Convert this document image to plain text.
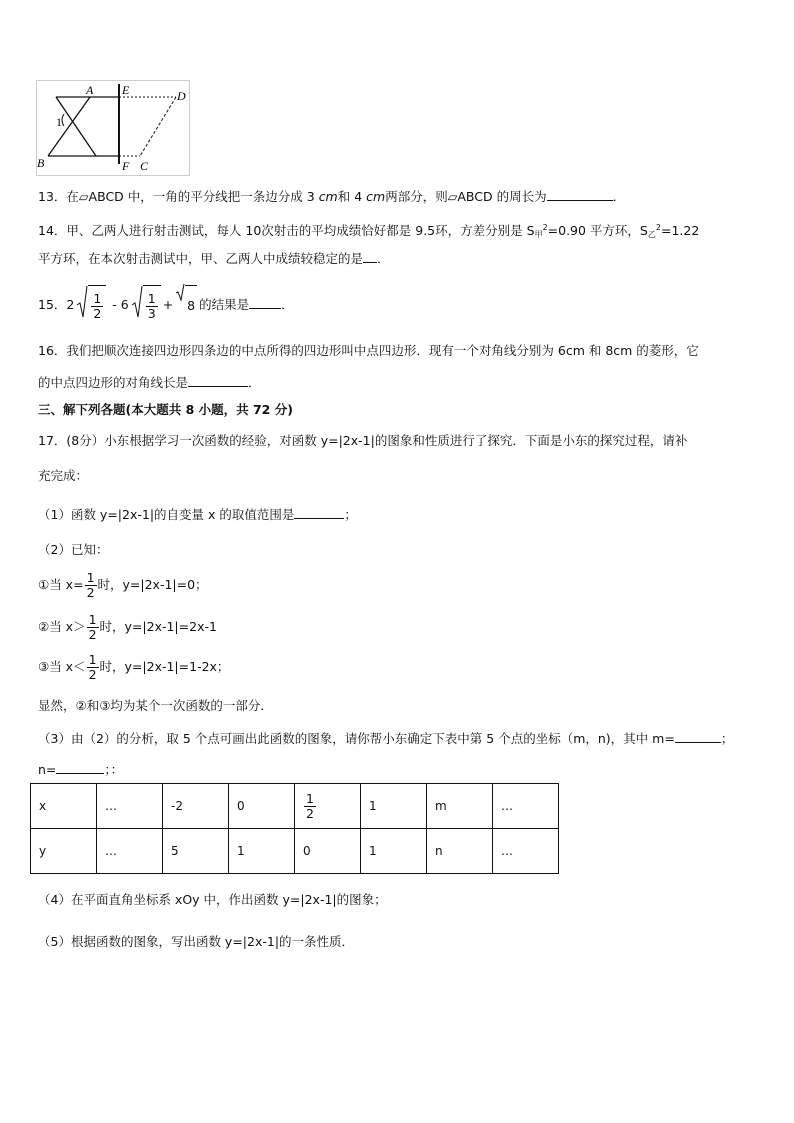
A E	D
B	F C
1
13．在▱ABCD 中，一角的平分线把一条边分成 3 cm和 4 cm两部分，则▱ABCD 的周长为	．
14．甲、乙两人进行射击测试，每人 10次射击的平均成绩恰好都是 9.5环，方差分别是 $S_甲^2=0.90$ 平方环，$S_乙^2=1.22$
平方环，在本次射击测试中，甲、乙两人中成绩较稳定的是 ．
15．$2 \frac{1}{2} - 6 \frac{1}{3} + 8$ 的结果是	．
16．我们把顺次连接四边形四条边的中点所得的四边形叫中点四边形．现有一个对角线分别为 6cm 和 8cm 的菱形，它
的中点四边形的对角线长是	．
三、解下列各题(本大题共 8 小题，共 72 分)
17．(8分）小东根据学习一次函数的经验，对函数 y=|2x-1|的图象和性质进行了探究．下面是小东的探究过程，请补
充完成：
（1）函数 y=|2x-1|的自变量 x 的取值范围是	；
（2）已知：
①当 $x= \frac{1}{2}$ 时，y=|2x-1|=0；
②当 $x> \frac{1}{2}$ 时，y=|2x-1|=2x-1
③当 $x< \frac{1}{2}$ 时，y=|2x-1|=1-2x；
显然，②和③均为某个一次函数的一部分．
（3）由（2）的分析，取 5 个点可画出此函数的图象，请你帮小东确定下表中第 5 个点的坐标（m，n)，其中 m=	；
n=	；：
x	…	-2	0	$\frac{1}{2}$	1	m	…
y	…	5	1	0	1	n	…
（4）在平面直角坐标系 xOy 中，作出函数 y=|2x-1|的图象；
（5）根据函数的图象，写出函数 y=|2x-1|的一条性质．
